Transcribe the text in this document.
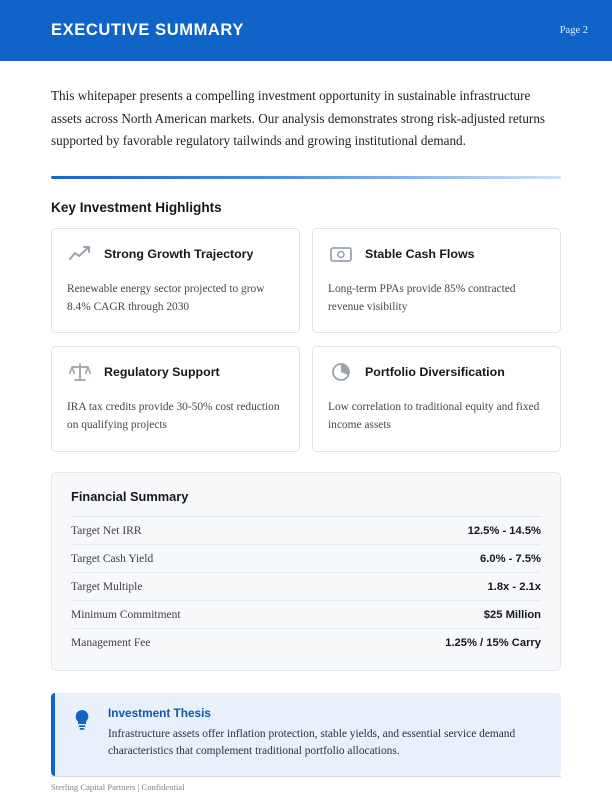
EXECUTIVE SUMMARY	Page 2

This whitepaper presents a compelling investment opportunity in sustainable infrastructure assets across North American markets. Our analysis demonstrates strong risk-adjusted returns supported by favorable regulatory tailwinds and growing institutional demand.

Key Investment Highlights
Strong Growth Trajectory
Renewable energy sector projected to grow 8.4% CAGR through 2030
Stable Cash Flows
Long-term PPAs provide 85% contracted revenue visibility
Regulatory Support
IRA tax credits provide 30-50% cost reduction on qualifying projects
Portfolio Diversification
Low correlation to traditional equity and fixed income assets
Financial Summary
Target Net IRR	12.5% - 14.5%
Target Cash Yield	6.0% - 7.5%
Target Multiple	1.8x - 2.1x
Minimum Commitment	$25 Million
Management Fee	1.25% / 15% Carry
Investment Thesis
Infrastructure assets offer inflation protection, stable yields, and essential service demand characteristics that complement traditional portfolio allocations.
Sterling Capital Partners | Confidential
